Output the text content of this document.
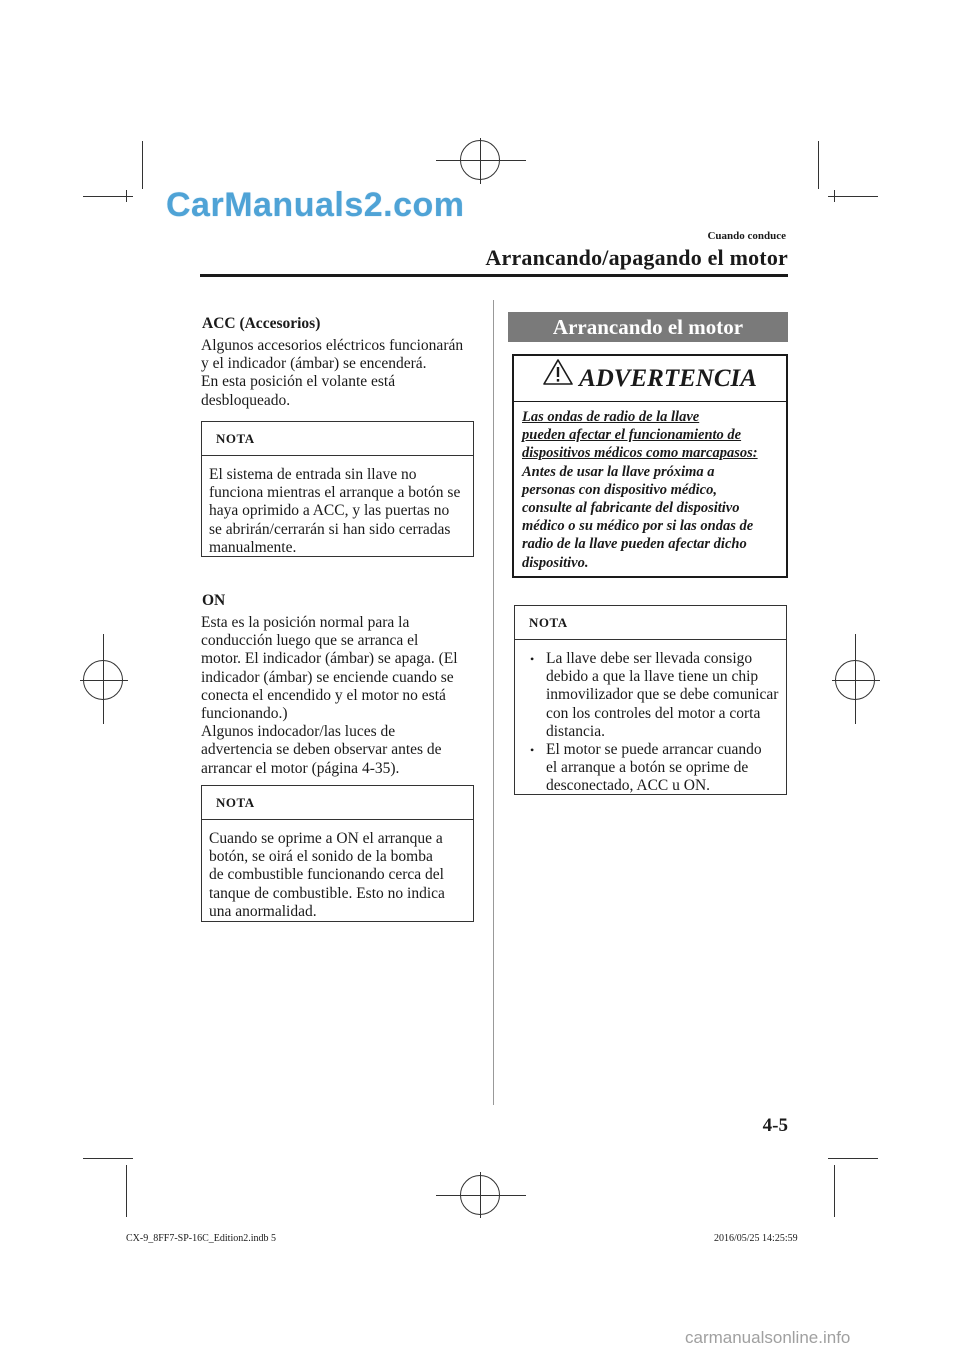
CarManuals2.com
carmanualsonline.info
Cuando conduce
Arrancando/apagando el motor
ACC (Accesorios)
Algunos accesorios eléctricos funcionarán
y el indicador (ámbar) se encenderá.
En esta posición el volante está
desbloqueado.
NOTA
El sistema de entrada sin llave no
funciona mientras el arranque a botón se
haya oprimido a ACC, y las puertas no
se abrirán/cerrarán si han sido cerradas
manualmente.
ON
Esta es la posición normal para la
conducción luego que se arranca el
motor. El indicador (ámbar) se apaga. (El
indicador (ámbar) se enciende cuando se
conecta el encendido y el motor no está
funcionando.)
Algunos indocador/las luces de
advertencia se deben observar antes de
arrancar el motor (página 4-35).
NOTA
Cuando se oprime a ON el arranque a
botón, se oirá el sonido de la bomba
de combustible funcionando cerca del
tanque de combustible. Esto no indica
una anormalidad.
Arrancando el motor
ADVERTENCIA
Las ondas de radio de la llave
pueden afectar el funcionamiento de
dispositivos médicos como marcapasos:
Antes de usar la llave próxima a
personas con dispositivo médico,
consulte al fabricante del dispositivo
médico o su médico por si las ondas de
radio de la llave pueden afectar dicho
dispositivo.
NOTA
• La llave debe ser llevada consigo
debido a que la llave tiene un chip
inmovilizador que se debe comunicar
con los controles del motor a corta
distancia.
• El motor se puede arrancar cuando
el arranque a botón se oprime de
desconectado, ACC u ON.
4-5
CX-9_8FF7-SP-16C_Edition2.indb 5	2016/05/25 14:25:59
